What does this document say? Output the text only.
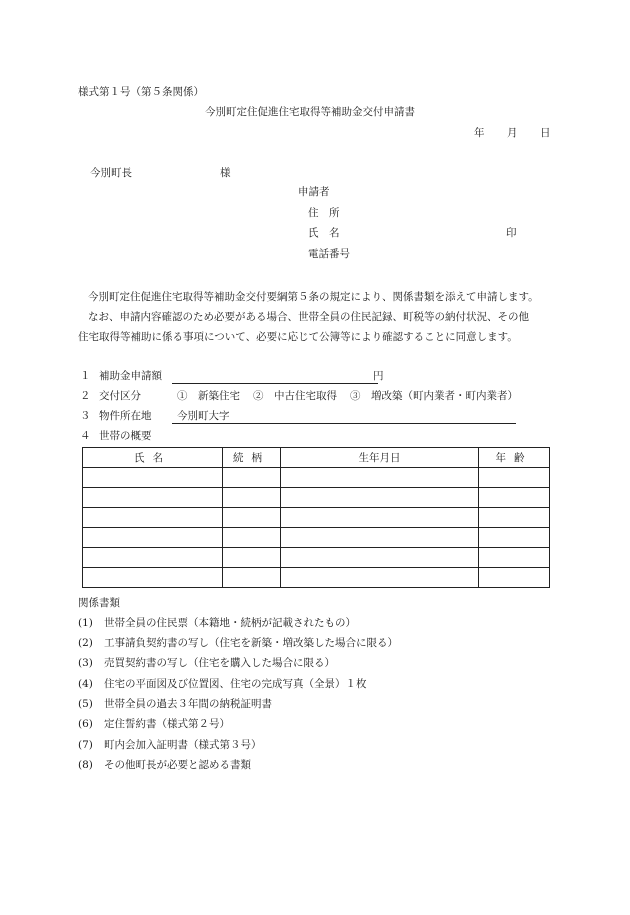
様式第１号（第５条関係）
今別町定住促進住宅取得等補助金交付申請書
年 月 日
今別町長	様
申請者
住　所
氏　名	印
電話番号
今別町定住促進住宅取得等補助金交付要綱第５条の規定により、関係書類を添えて申請します。
なお、申請内容確認のため必要がある場合、世帯全員の住民記録、町税等の納付状況、その他
住宅取得等補助に係る事項について、必要に応じて公簿等により確認することに同意します。
１ 補助金申請額	円
２ 交付区分	①　新築住宅 ②　中古住宅取得 ③　増改築（町内業者・町内業者）
３ 物件所在地 今別町大字
４ 世帯の概要
氏名	続柄	生年月日	年齢

関係書類
(1) 世帯全員の住民票（本籍地・続柄が記載されたもの）
(2) 工事請負契約書の写し（住宅を新築・増改築した場合に限る）
(3) 売買契約書の写し（住宅を購入した場合に限る）
(4) 住宅の平面図及び位置図、住宅の完成写真（全景）１枚
(5) 世帯全員の過去３年間の納税証明書
(6) 定住誓約書（様式第２号）
(7) 町内会加入証明書（様式第３号）
(8) その他町長が必要と認める書類
